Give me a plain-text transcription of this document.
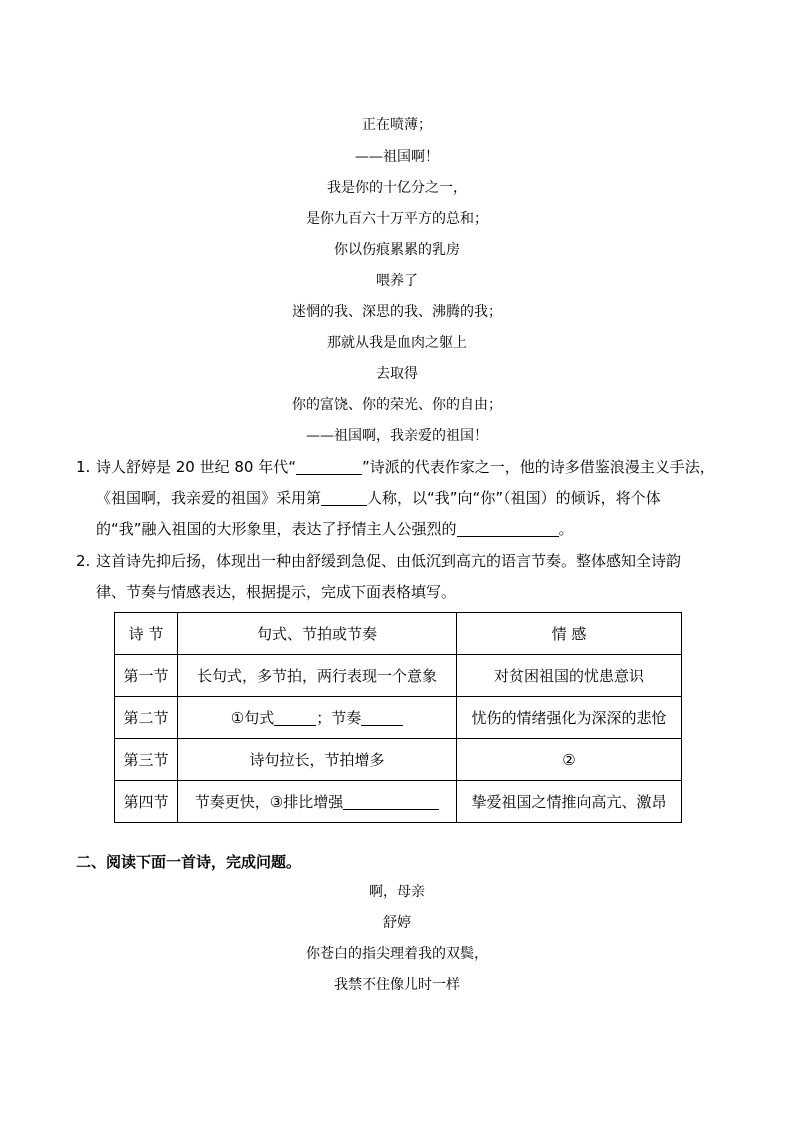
正在喷薄；
——祖国啊！
我是你的十亿分之一，
是你九百六十万平方的总和；
你以伤痕累累的乳房
喂养了
迷惘的我、深思的我、沸腾的我；
那就从我是血肉之躯上
去取得
你的富饶、你的荣光、你的自由；
——祖国啊，我亲爱的祖国！
1. 诗人舒婷是 20 世纪 80 年代“	”诗派的代表作家之一，他的诗多借鉴浪漫主义手法，
《祖国啊，我亲爱的祖国》采用第	人称，以“我”向“你”（祖国）的倾诉，将个体
的“我”融入祖国的大形象里，表达了抒情主人公强烈的	。
2. 这首诗先抑后扬，体现出一种由舒缓到急促、由低沉到高亢的语言节奏。整体感知全诗韵
律、节奏与情感表达，根据提示，完成下面表格填写。
诗 节	句式、节拍或节奏	情 感
第一节	长句式，多节拍，两行表现一个意象	对贫困祖国的忧患意识
第二节	①句式 ；节奏	忧伤的情绪强化为深深的悲怆
第三节	诗句拉长，节拍增多	②
第四节	节奏更快，③排比增强	挚爱祖国之情推向高亢、激昂
二、阅读下面一首诗，完成问题。
啊，母亲
舒婷
你苍白的指尖理着我的双鬓，
我禁不住像儿时一样
